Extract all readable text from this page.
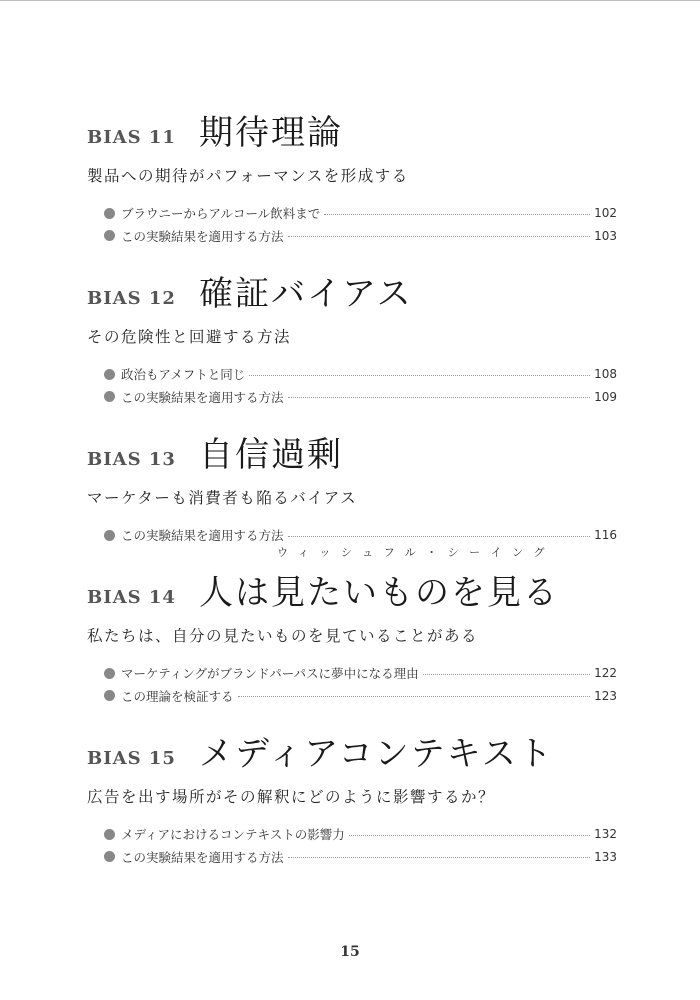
BIAS 11 期待理論
製品への期待がパフォーマンスを形成する
ブラウニーからアルコール飲料まで	102
この実験結果を適用する方法	103
BIAS 12 確証バイアス
その危険性と回避する方法
政治もアメフトと同じ	108
この実験結果を適用する方法	109
BIAS 13 自信過剰
マーケターも消費者も陥るバイアス
この実験結果を適用する方法	116
ウィッシュフル・シーイング
BIAS 14 人は見たいものを見る
私たちは、自分の見たいものを見ていることがある
マーケティングがブランドパーパスに夢中になる理由	122
この理論を検証する	123
BIAS 15 メディアコンテキスト
広告を出す場所がその解釈にどのように影響するか？
メディアにおけるコンテキストの影響力	132
この実験結果を適用する方法	133
15
